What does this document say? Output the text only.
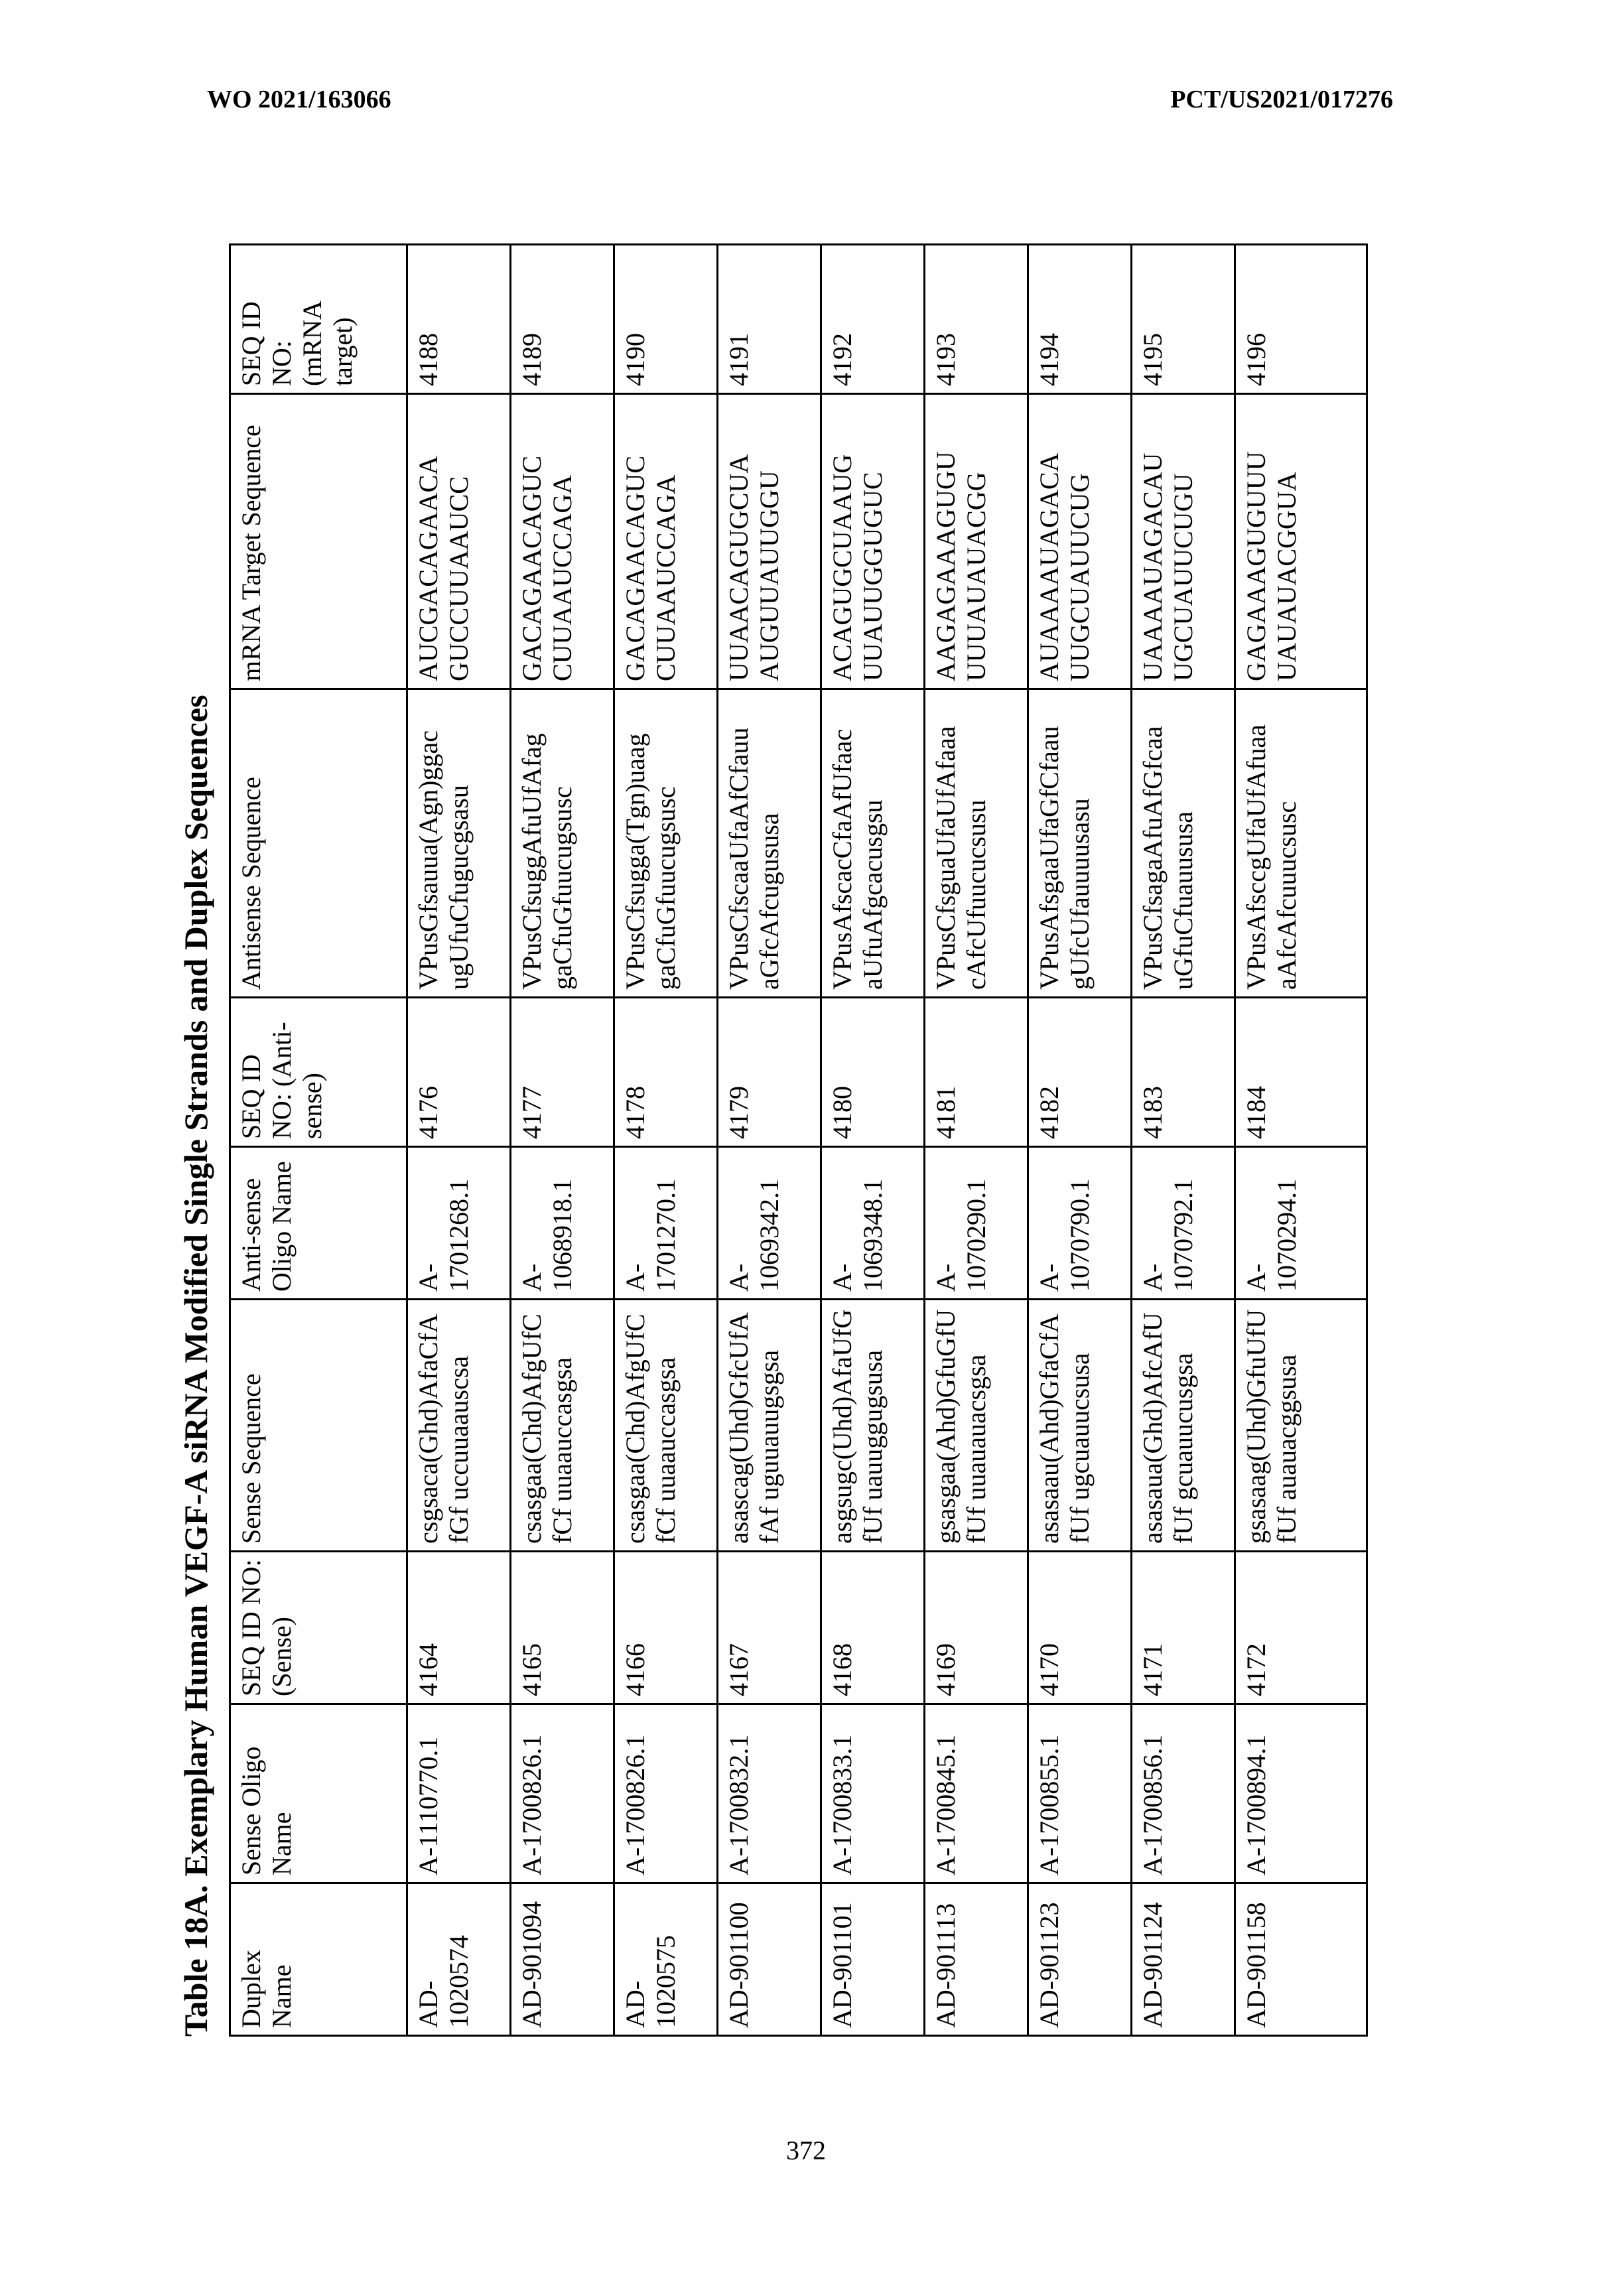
WO 2021/163066	PCT/US2021/017276
Table 18A. Exemplary Human VEGF-A siRNA Modified Single Strands and Duplex Sequences Duplex Name	Sense Oligo Name	SEQ ID NO: (Sense)	Sense Sequence	Anti-sense Oligo Name	SEQ ID NO: (Anti-sense)	Antisense Sequence	mRNA Target Sequence	SEQ ID NO: (mRNA target)
AD-1020574	A-1110770.1	4164	csgsaca(Ghd)AfaCfAfGf uccuuaauscsa	A-1701268.1	4176	VPusGfsauua(Agn)ggac ugUfuCfugucgsasu	AUCGACAGAACA GUCCUUAAUCC	4188
AD-901094	A-1700826.1	4165	csasgaa(Chd)AfgUfCfCf uuaauccasgsa	A-1068918.1	4177	VPusCfsuggAfuUfAfag gaCfuGfuucugsusc	GACAGAACAGUC CUUAAUCCAGA	4189
AD-1020575	A-1700826.1	4166	csasgaa(Chd)AfgUfCfCf uuaauccasgsa	A-1701270.1	4178	VPusCfsugga(Tgn)uaag gaCfuGfuucugsusc	GACAGAACAGUC CUUAAUCCAGA	4190
AD-901100	A-1700832.1	4167	asascag(Uhd)GfcUfAfAf uguuauugsgsa	A-1069342.1	4179	VPusCfscaaUfaAfCfauu aGfcAfcugususa	UUAACAGUGCUA AUGUUAUUGGU	4191
AD-901101	A-1700833.1	4168	asgsugc(Uhd)AfaUfGfUf uauuggugsusa	A-1069348.1	4180	VPusAfscacCfaAfUfaac aUfuAfgcacusgsu	ACAGUGCUAAUG UUAUUGGUGUC	4192
AD-901113	A-1700845.1	4169	gsasgaa(Ahd)GfuGfUfUf uuauauacsgsa	A-1070290.1	4181	VPusCfsguaUfaUfAfaaa cAfcUfuucucsusu	AAGAGAAAGUGU UUUAUAUACGG	4193
AD-901123	A-1700855.1	4170	asasaau(Ahd)GfaCfAfUf ugcuauucsusa	A-1070790.1	4182	VPusAfsgaaUfaGfCfaau gUfcUfauuuusasu	AUAAAAUAGACA UUGCUAUUCUG	4194
AD-901124	A-1700856.1	4171	asasaua(Ghd)AfcAfUfUf gcuauucusgsa	A-1070792.1	4183	VPusCfsagaAfuAfGfcaa uGfuCfuauususa	UAAAAUAGACAU UGCUAUUCUGU	4195
AD-901158	A-1700894.1	4172	gsasaag(Uhd)GfuUfUfUf auauacggsusa	A-1070294.1	4184	VPusAfsccgUfaUfAfuaa aAfcAfcuuucsusc	GAGAAAGUGUUU UAUAUACGGUA	4196
372
